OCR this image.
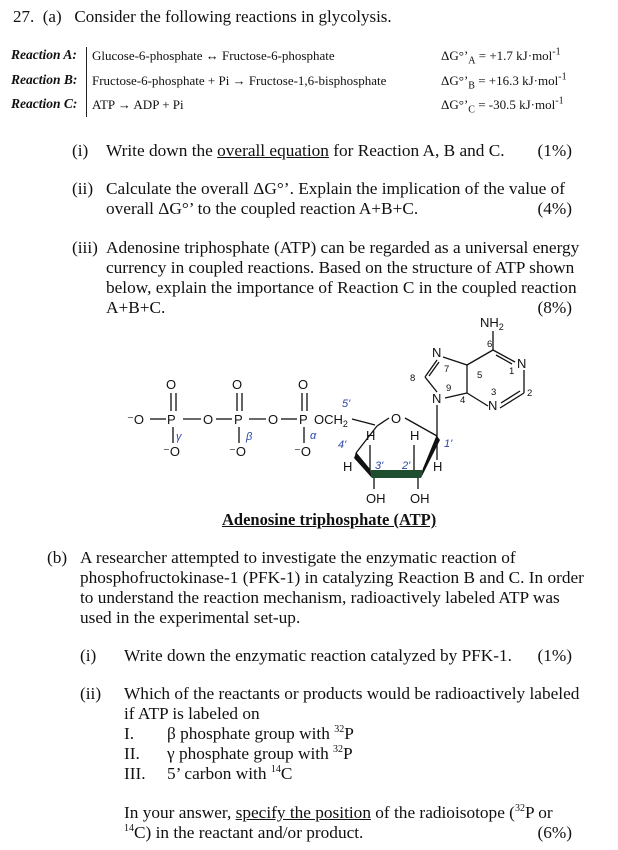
27. (a) Consider the following reactions in glycolysis.
Reaction A: Glucose-6-phosphate ↔ Fructose-6-phosphate	$\Delta G^\circ’_A = +1.7$ kJ·mol$^{-1}$
Reaction B: Fructose-6-phosphate + Pi → Fructose-1,6-bisphosphate	$\Delta G^\circ’_B = +16.3$ kJ·mol$^{-1}$
Reaction C: ATP → ADP + Pi	$\Delta G^\circ’_C = -30.5$ kJ·mol$^{-1}$
(i) Write down the overall equation for Reaction A, B and C. (1%)
(ii) Calculate the overall ΔG°’. Explain the implication of the value of
overall ΔG°’ to the coupled reaction A+B+C.	(4%)
(iii) Adenosine triphosphate (ATP) can be regarded as a universal energy
currency in coupled reactions. Based on the structure of ATP shown
below, explain the importance of Reaction C in the coupled reaction
A+B+C.	(8%)
O	O	O
⁻O P O P O P $OCH_2$
⁻O	⁻O	⁻O
O
H	H
H	H
OH OH
$NH_2$
N
N
N
N
1
2
3
4
5
6
7
8
9
γ	β	α
5'
4'
3' 2'
1'
Adenosine triphosphate (ATP)
(b) A researcher attempted to investigate the enzymatic reaction of
phosphofructokinase-1 (PFK-1) in catalyzing Reaction B and C. In order
to understand the reaction mechanism, radioactively labeled ATP was
used in the experimental set-up.
(i) Write down the enzymatic reaction catalyzed by PFK-1. (1%)
(ii) Which of the reactants or products would be radioactively labeled
if ATP is labeled on
I. β phosphate group with $^{32}$P
II. γ phosphate group with $^{32}$P
III. 5’ carbon with $^{14}$C
In your answer, specify the position of the radioisotope ($^{32}$P or
$^{14}$C) in the reactant and/or product.	(6%)
